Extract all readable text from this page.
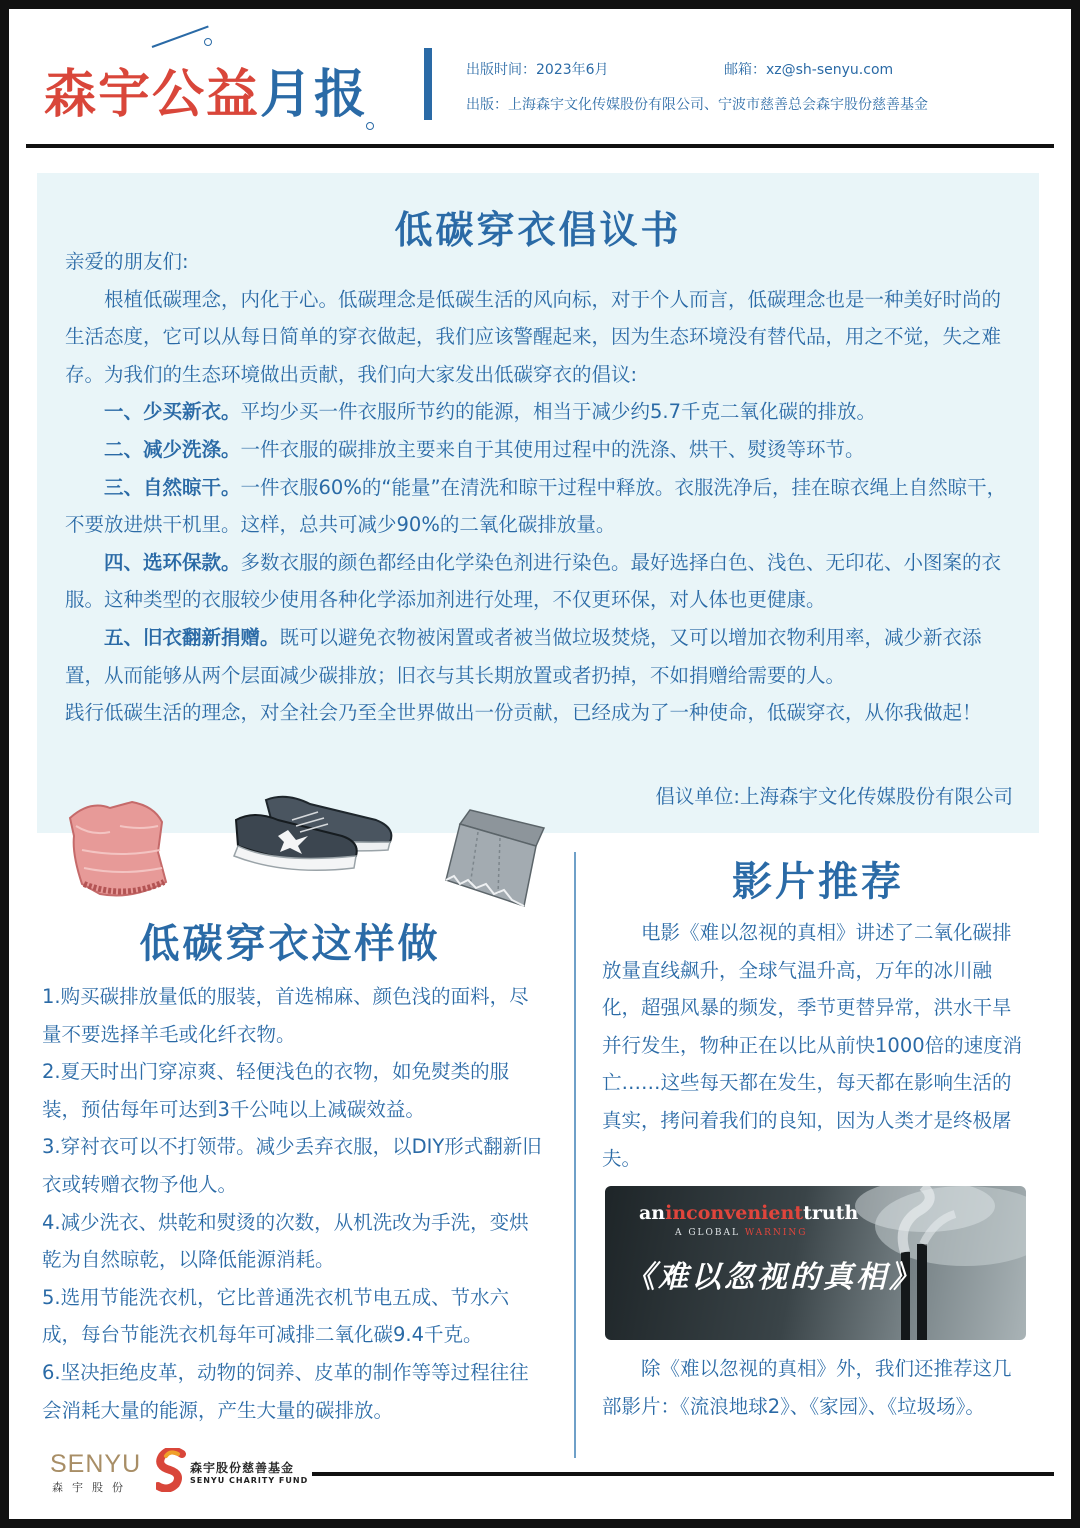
森宇公益月报	出版时间：2023年6月	邮箱：xz@sh-senyu.com
出版：上海森宇文化传媒股份有限公司、宁波市慈善总会森宇股份慈善基金
低碳穿衣倡议书

亲爱的朋友们:

根植低碳理念，内化于心。低碳理念是低碳生活的风向标，对于个人而言，低碳理念也是一种美好时尚的生活态度，它可以从每日简单的穿衣做起，我们应该警醒起来，因为生态环境没有替代品，用之不觉，失之难存。为我们的生态环境做出贡献，我们向大家发出低碳穿衣的倡议:

一、少买新衣。平均少买一件衣服所节约的能源，相当于减少约5.7千克二氧化碳的排放。

二、减少洗涤。一件衣服的碳排放主要来自于其使用过程中的洗涤、烘干、熨烫等环节。

三、自然晾干。一件衣服60%的“能量”在清洗和晾干过程中释放。衣服洗净后，挂在晾衣绳上自然晾干，不要放进烘干机里。这样，总共可减少90%的二氧化碳排放量。

四、选环保款。多数衣服的颜色都经由化学染色剂进行染色。最好选择白色、浅色、无印花、小图案的衣服。这种类型的衣服较少使用各种化学添加剂进行处理，不仅更环保，对人体也更健康。

五、旧衣翻新捐赠。既可以避免衣物被闲置或者被当做垃圾焚烧，又可以增加衣物利用率，减少新衣添置，从而能够从两个层面减少碳排放；旧衣与其长期放置或者扔掉，不如捐赠给需要的人。

践行低碳生活的理念，对全社会乃至全世界做出一份贡献，已经成为了一种使命，低碳穿衣，从你我做起！

倡议单位:上海森宇文化传媒股份有限公司
低碳穿衣这样做

1.购买碳排放量低的服装，首选棉麻、颜色浅的面料，尽量不要选择羊毛或化纤衣物。

2.夏天时出门穿凉爽、轻便浅色的衣物，如免熨类的服装，预估每年可达到3千公吨以上减碳效益。

3.穿衬衣可以不打领带。减少丢弃衣服，以DIY形式翻新旧衣或转赠衣物予他人。

4.减少洗衣、烘乾和熨烫的次数，从机洗改为手洗，变烘乾为自然晾乾，以降低能源消耗。

5.选用节能洗衣机，它比普通洗衣机节电五成、节水六成，每台节能洗衣机每年可减排二氧化碳9.4千克。

6.坚决拒绝皮革，动物的饲养、皮革的制作等等过程往往会消耗大量的能源，产生大量的碳排放。

影片推荐

电影《难以忽视的真相》讲述了二氧化碳排放量直线飙升，全球气温升高，万年的冰川融化，超强风暴的频发，季节更替异常，洪水干旱并行发生，物种正在以比从前快1000倍的速度消亡……这些每天都在发生，每天都在影响生活的真实，拷问着我们的良知，因为人类才是终极屠夫。

aninconvenienttruth
A GLOBAL WARNING
《难以忽视的真相》

除《难以忽视的真相》外，我们还推荐这几部影片：《流浪地球2》、《家园》、《垃圾场》。

SENYU
森宇股份
森宇股份慈善基金
SENYU CHARITY FUND
